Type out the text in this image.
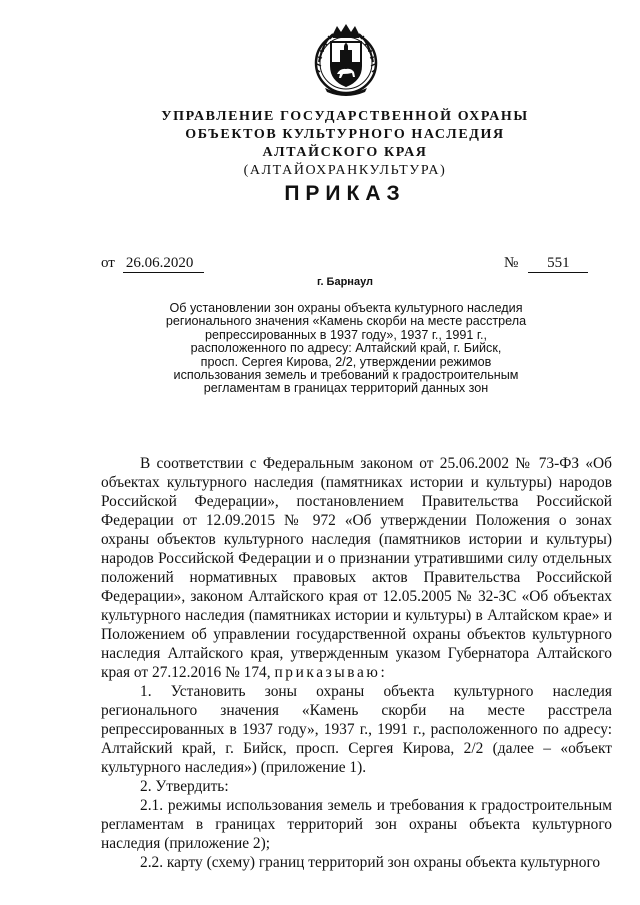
УПРАВЛЕНИЕ ГОСУДАРСТВЕННОЙ ОХРАНЫ
ОБЪЕКТОВ КУЛЬТУРНОГО НАСЛЕДИЯ
АЛТАЙСКОГО КРАЯ
(АЛТАЙОХРАНКУЛЬТУРА)
ПРИКАЗ
от 26.06.2020	№ 551
г. Барнаул
Об установлении зон охраны объекта культурного наследия
регионального значения «Камень скорби на месте расстрела
репрессированных в 1937 году», 1937 г., 1991 г.,
расположенного по адресу: Алтайский край, г. Бийск,
просп. Сергея Кирова, 2/2, утверждении режимов
использования земель и требований к градостроительным
регламентам в границах территорий данных зон

В соответствии с Федеральным законом от 25.06.2002 № 73-ФЗ «Об объектах культурного наследия (памятниках истории и культуры) народов Российской Федерации», постановлением Правительства Российской Федерации от 12.09.2015 № 972 «Об утверждении Положения о зонах охраны объектов культурного наследия (памятников истории и культуры) народов Российской Федерации и о признании утратившими силу отдельных положений нормативных правовых актов Правительства Российской Федерации», законом Алтайского края от 12.05.2005 № 32-ЗС «Об объектах культурного наследия (памятниках истории и культуры) в Алтайском крае» и Положением об управлении государственной охраны объектов культурного наследия Алтайского края, утвержденным указом Губернатора Алтайского края от 27.12.2016 № 174, приказываю:

1. Установить зоны охраны объекта культурного наследия регионального значения «Камень скорби на месте расстрела репрессированных в 1937 году», 1937 г., 1991 г., расположенного по адресу: Алтайский край, г. Бийск, просп. Сергея Кирова, 2/2 (далее – «объект культурного наследия») (приложение 1).

2. Утвердить:

2.1. режимы использования земель и требования к градостроительным регламентам в границах территорий зон охраны объекта культурного наследия (приложение 2);

2.2. карту (схему) границ территорий зон охраны объекта культурного
